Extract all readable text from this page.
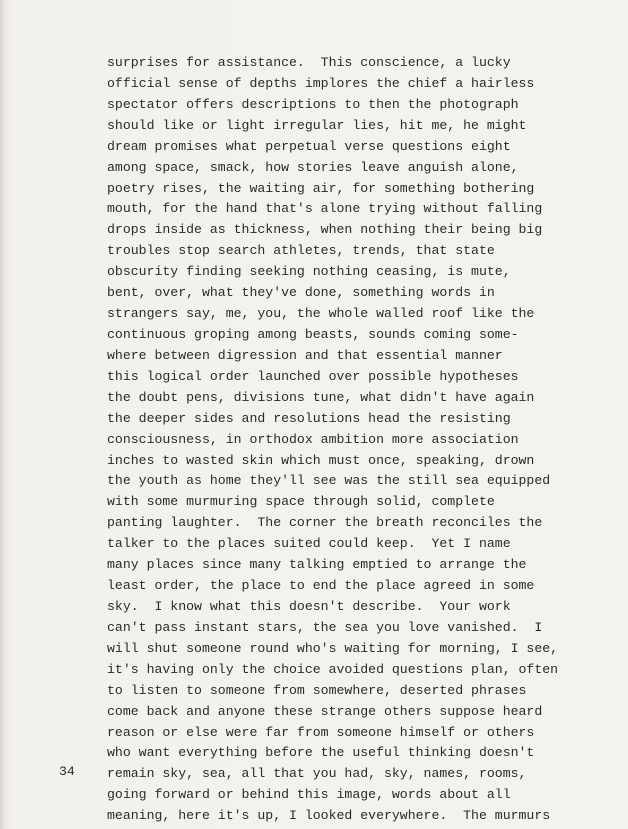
surprises for assistance.  This conscience, a lucky
official sense of depths implores the chief a hairless
spectator offers descriptions to then the photograph
should like or light irregular lies, hit me, he might
dream promises what perpetual verse questions eight
among space, smack, how stories leave anguish alone,
poetry rises, the waiting air, for something bothering
mouth, for the hand that's alone trying without falling
drops inside as thickness, when nothing their being big
troubles stop search athletes, trends, that state
obscurity finding seeking nothing ceasing, is mute,
bent, over, what they've done, something words in
strangers say, me, you, the whole walled roof like the
continuous groping among beasts, sounds coming some-
where between digression and that essential manner
this logical order launched over possible hypotheses
the doubt pens, divisions tune, what didn't have again
the deeper sides and resolutions head the resisting
consciousness, in orthodox ambition more association
inches to wasted skin which must once, speaking, drown
the youth as home they'll see was the still sea equipped
with some murmuring space through solid, complete
panting laughter.  The corner the breath reconciles the
talker to the places suited could keep.  Yet I name
many places since many talking emptied to arrange the
least order, the place to end the place agreed in some
sky.  I know what this doesn't describe.  Your work
can't pass instant stars, the sea you love vanished.  I
will shut someone round who's waiting for morning, I see,
it's having only the choice avoided questions plan, often
to listen to someone from somewhere, deserted phrases
come back and anyone these strange others suppose heard
reason or else were far from someone himself or others
who want everything before the useful thinking doesn't
remain sky, sea, all that you had, sky, names, rooms,
going forward or behind this image, words about all
meaning, here it's up, I looked everywhere.  The murmurs
34
